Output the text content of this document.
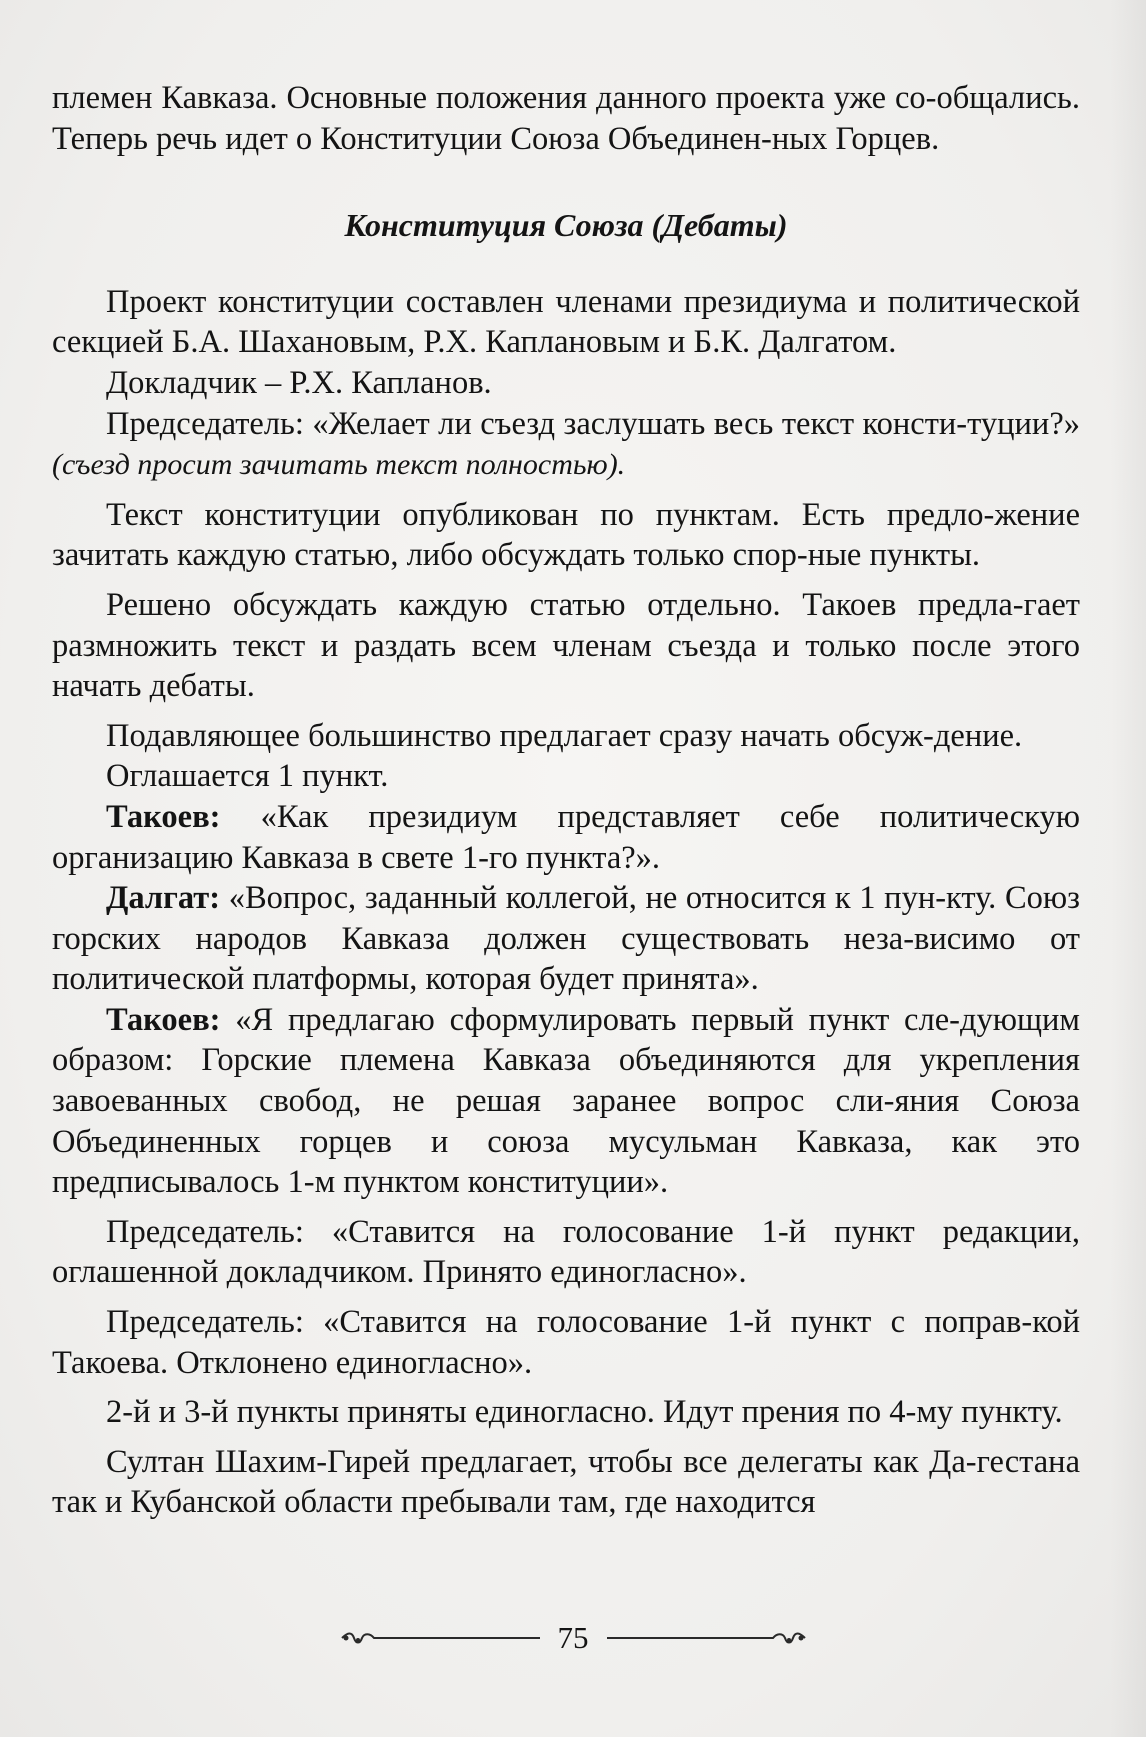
племен Кавказа. Основные положения данного проекта уже со-общались. Теперь речь идет о Конституции Союза Объединен-ных Горцев.

Конституция Союза (Дебаты)

Проект конституции составлен членами президиума и политической секцией Б.А. Шахановым, Р.Х. Каплановым и Б.К. Далгатом.

Докладчик – Р.Х. Капланов.

Председатель: «Желает ли съезд заслушать весь текст консти-туции?» (съезд просит зачитать текст полностью).

Текст конституции опубликован по пунктам. Есть предло-жение зачитать каждую статью, либо обсуждать только спор-ные пункты.

Решено обсуждать каждую статью отдельно. Такоев предла-гает размножить текст и раздать всем членам съезда и только после этого начать дебаты.

Подавляющее большинство предлагает сразу начать обсуж-дение.

Оглашается 1 пункт.

Такоев: «Как президиум представляет себе политическую организацию Кавказа в свете 1-го пункта?».

Далгат: «Вопрос, заданный коллегой, не относится к 1 пун-кту. Союз горских народов Кавказа должен существовать неза-висимо от политической платформы, которая будет принята».

Такоев: «Я предлагаю сформулировать первый пункт сле-дующим образом: Горские племена Кавказа объединяются для укрепления завоеванных свобод, не решая заранее вопрос сли-яния Союза Объединенных горцев и союза мусульман Кавказа, как это предписывалось 1-м пунктом конституции».

Председатель: «Ставится на голосование 1-й пункт редакции, оглашенной докладчиком. Принято единогласно».

Председатель: «Ставится на голосование 1-й пункт с поправ-кой Такоева. Отклонено единогласно».

2-й и 3-й пункты приняты единогласно. Идут прения по 4-му пункту.

Султан Шахим-Гирей предлагает, чтобы все делегаты как Да-гестана так и Кубанской области пребывали там, где находится

75
